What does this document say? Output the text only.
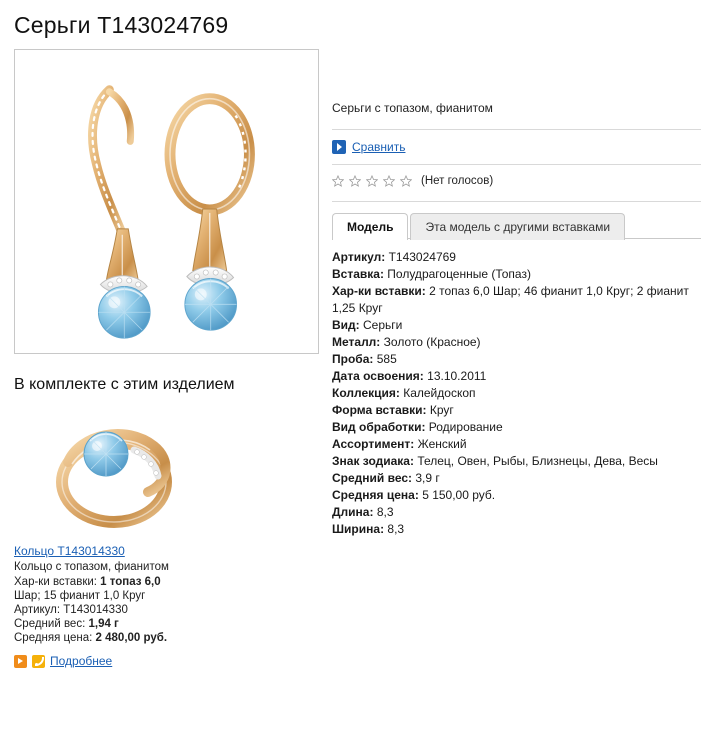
Серьги Т143024769
В комплекте с этим изделием
Кольцо Т143014330
Кольцо с топазом, фианитом
Хар-ки вставки: 1 топаз 6,0
Шар; 15 фианит 1,0 Круг
Артикул: Т143014330
Средний вес: 1,94 г
Средняя цена: 2 480,00 руб.
Подробнее
Серьги с топазом, фианитом
Сравнить
(Нет голосов)
Модель	Эта модель с другими вставками
Артикул: Т143024769
Вставка: Полудрагоценные (Топаз)
Хар-ки вставки: 2 топаз 6,0 Шар; 46 фианит 1,0 Круг; 2 фианит 1,25 Круг
Вид: Серьги
Металл: Золото (Красное)
Проба: 585
Дата освоения: 13.10.2011
Коллекция: Калейдоскоп
Форма вставки: Круг
Вид обработки: Родирование
Ассортимент: Женский
Знак зодиака: Телец, Овен, Рыбы, Близнецы, Дева, Весы
Средний вес: 3,9 г
Средняя цена: 5 150,00 руб.
Длина: 8,3
Ширина: 8,3
